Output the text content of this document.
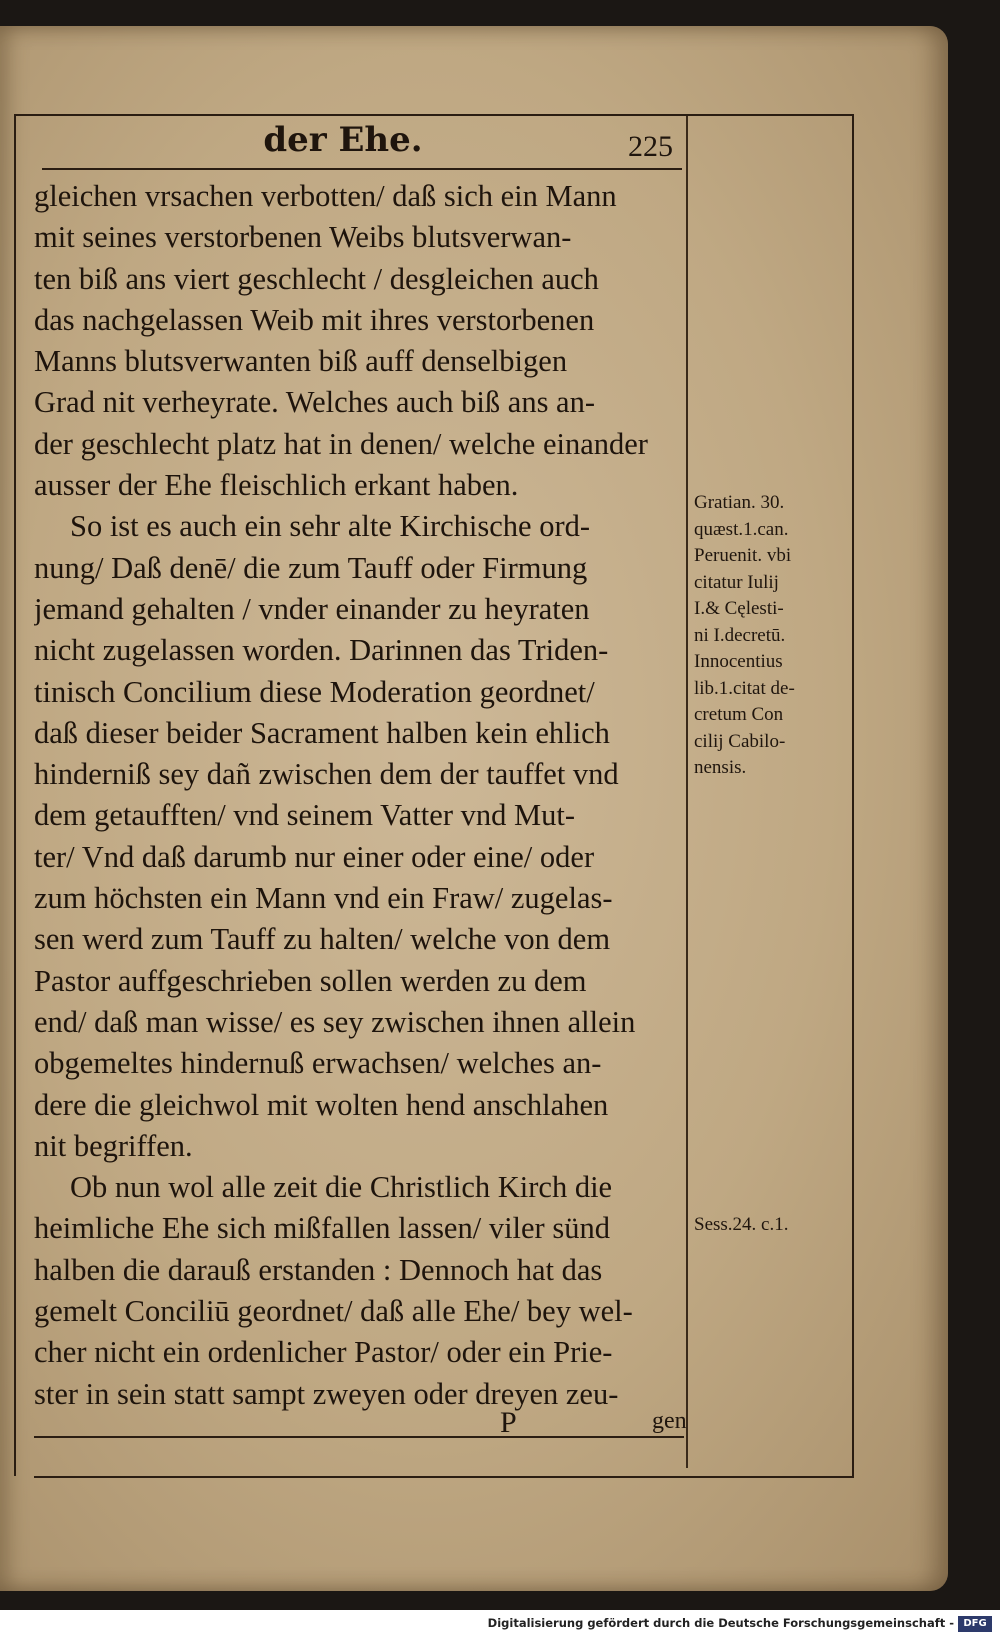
der Ehe.	225
gleichen vrsachen verbotten/ daß sich ein Mann
mit seines verstorbenen Weibs blutsverwan-
ten biß ans viert geschlecht / desgleichen auch
das nachgelassen Weib mit ihres verstorbenen
Manns blutsverwanten biß auff denselbigen
Grad nit verheyrate. Welches auch biß ans an-
der geschlecht platz hat in denen/ welche einander
ausser der Ehe fleischlich erkant haben.
So ist es auch ein sehr alte Kirchische ord-
nung/ Daß denē/ die zum Tauff oder Firmung
jemand gehalten / vnder einander zu heyraten
nicht zugelassen worden. Darinnen das Triden-
tinisch Concilium diese Moderation geordnet/
daß dieser beider Sacrament halben kein ehlich
hinderniß sey dañ zwischen dem der tauffet vnd
dem getaufften/ vnd seinem Vatter vnd Mut-
ter/ Vnd daß darumb nur einer oder eine/ oder
zum höchsten ein Mann vnd ein Fraw/ zugelas-
sen werd zum Tauff zu halten/ welche von dem
Pastor auffgeschrieben sollen werden zu dem
end/ daß man wisse/ es sey zwischen ihnen allein
obgemeltes hindernuß erwachsen/ welches an-
dere die gleichwol mit wolten hend anschlahen
nit begriffen.
Ob nun wol alle zeit die Christlich Kirch die
heimliche Ehe sich mißfallen lassen/ viler sünd
halben die darauß erstanden : Dennoch hat das
gemelt Conciliū geordnet/ daß alle Ehe/ bey wel-
cher nicht ein ordenlicher Pastor/ oder ein Prie-
ster in sein statt sampt zweyen oder dreyen zeu-
Gratian. 30.
quæst.1.can.
Peruenit. vbi
citatur Iulij
I.& Cęlesti-
ni I.decretū.
Innocentius
lib.1.citat de-
cretum Con
cilij Cabilo-
nensis.
Sess.24. c.1.
P	gen
Digitalisierung gefördert durch die Deutsche Forschungsgemeinschaft - DFG
